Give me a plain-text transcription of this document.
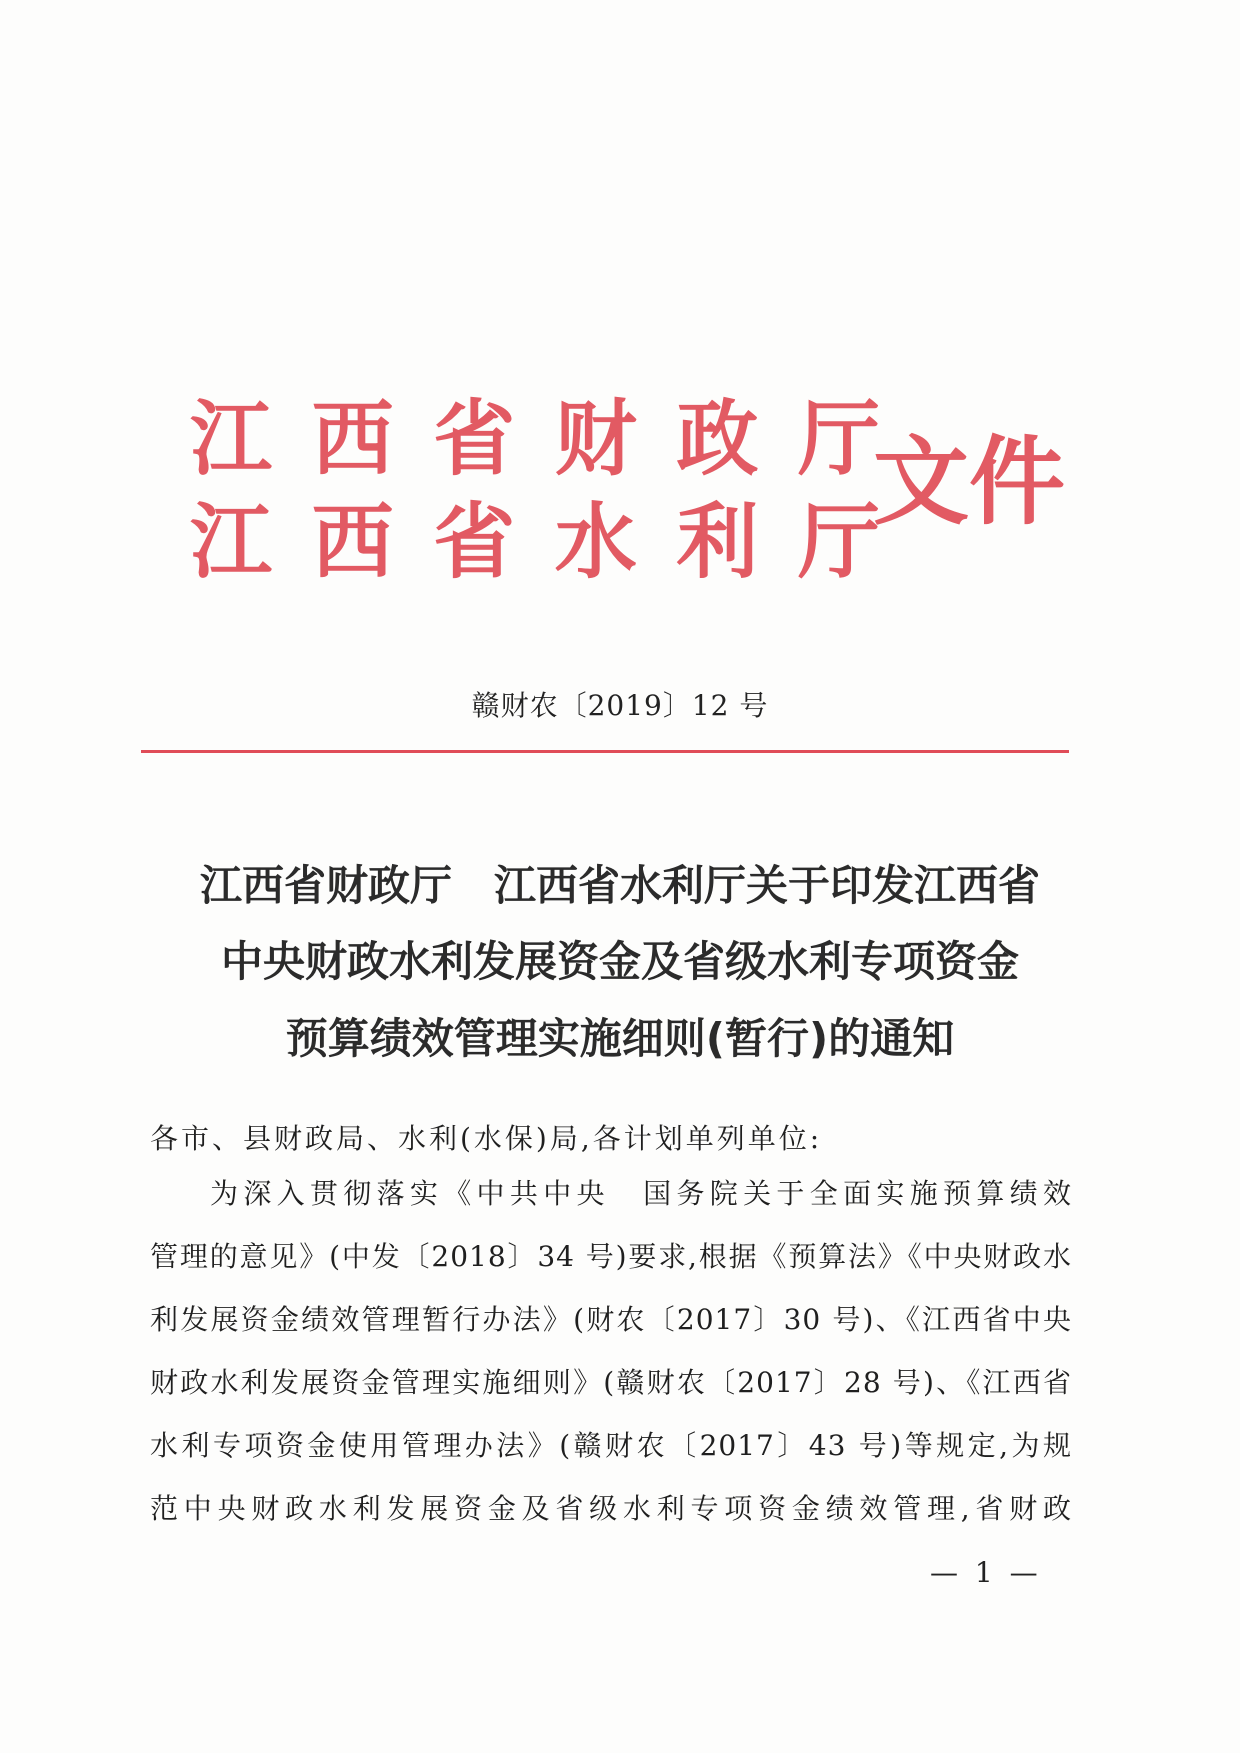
江 西 省 财 政 厅
江 西 省 水 利 厅
文件
赣财农〔2019〕12 号
江西省财政厅 江西省水利厅关于印发江西省
中央财政水利发展资金及省级水利专项资金
预算绩效管理实施细则(暂行)的通知
各市、县财政局、水利(水保)局,各计划单列单位:
为深入贯彻落实《中共中央　国务院关于全面实施预算绩效
管理的意见》(中发〔2018〕34 号)要求,根据《预算法》《中央财政水
利发展资金绩效管理暂行办法》(财农〔2017〕30 号)、《江西省中央
财政水利发展资金管理实施细则》(赣财农〔2017〕28 号)、《江西省
水利专项资金使用管理办法》(赣财农〔2017〕43 号)等规定,为规
范中央财政水利发展资金及省级水利专项资金绩效管理,省财政
— 1 —
